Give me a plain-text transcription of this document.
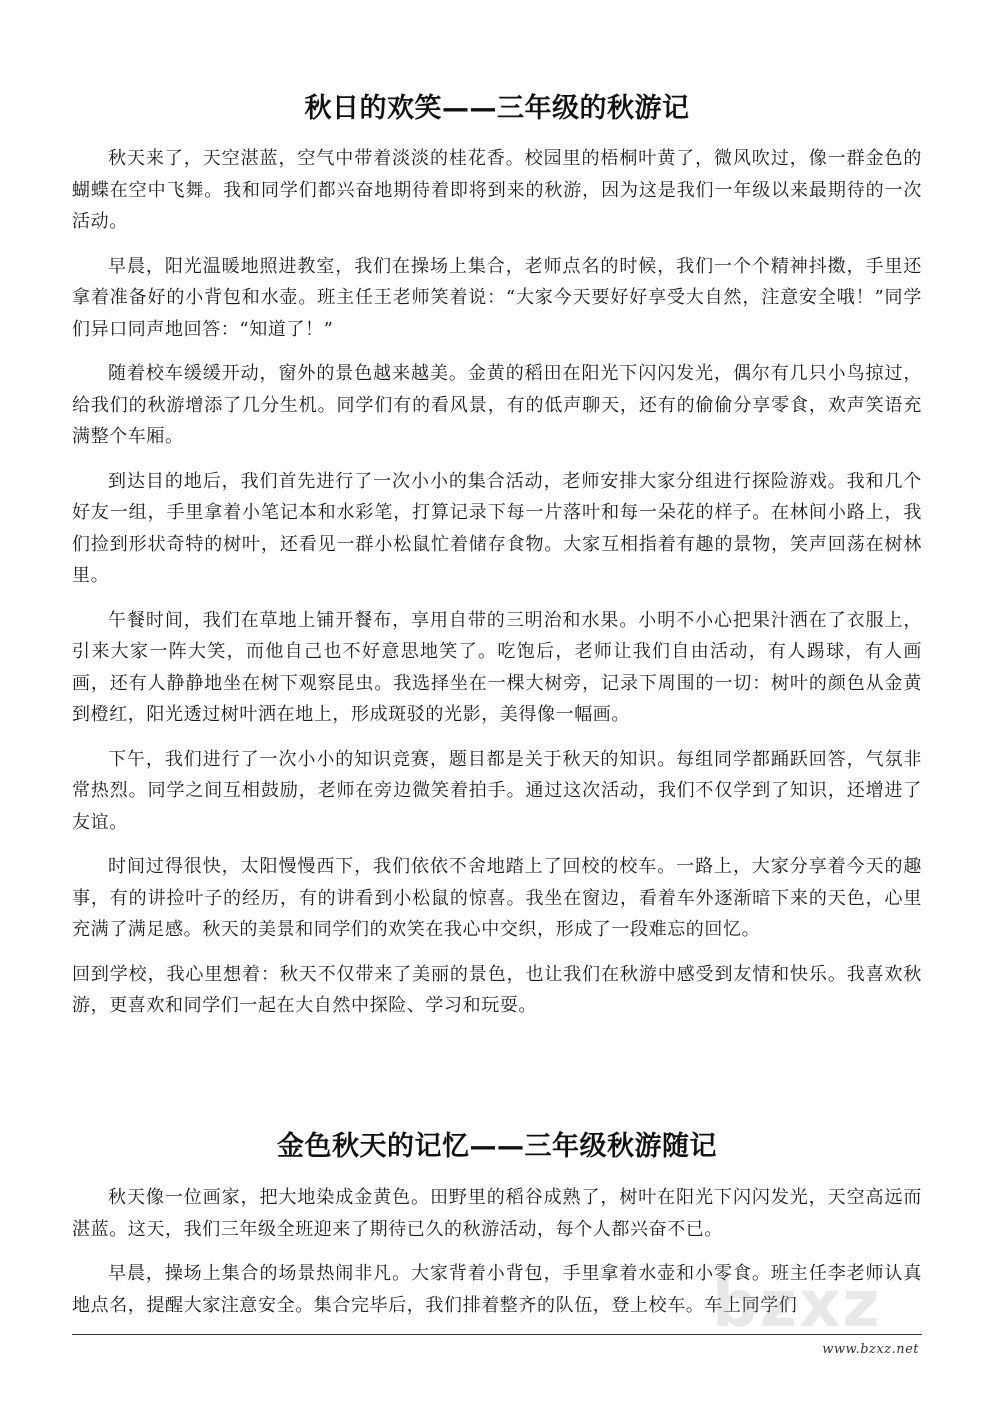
秋日的欢笑——三年级的秋游记

秋天来了，天空湛蓝，空气中带着淡淡的桂花香。校园里的梧桐叶黄了，微风吹过，像一群金色的蝴蝶在空中飞舞。我和同学们都兴奋地期待着即将到来的秋游，因为这是我们一年级以来最期待的一次活动。

早晨，阳光温暖地照进教室，我们在操场上集合，老师点名的时候，我们一个个精神抖擞，手里还拿着准备好的小背包和水壶。班主任王老师笑着说：“大家今天要好好享受大自然，注意安全哦！”同学们异口同声地回答：“知道了！”

随着校车缓缓开动，窗外的景色越来越美。金黄的稻田在阳光下闪闪发光，偶尔有几只小鸟掠过，给我们的秋游增添了几分生机。同学们有的看风景，有的低声聊天，还有的偷偷分享零食，欢声笑语充满整个车厢。

到达目的地后，我们首先进行了一次小小的集合活动，老师安排大家分组进行探险游戏。我和几个好友一组，手里拿着小笔记本和水彩笔，打算记录下每一片落叶和每一朵花的样子。在林间小路上，我们捡到形状奇特的树叶，还看见一群小松鼠忙着储存食物。大家互相指着有趣的景物，笑声回荡在树林里。

午餐时间，我们在草地上铺开餐布，享用自带的三明治和水果。小明不小心把果汁洒在了衣服上，引来大家一阵大笑，而他自己也不好意思地笑了。吃饱后，老师让我们自由活动，有人踢球，有人画画，还有人静静地坐在树下观察昆虫。我选择坐在一棵大树旁，记录下周围的一切：树叶的颜色从金黄到橙红，阳光透过树叶洒在地上，形成斑驳的光影，美得像一幅画。

下午，我们进行了一次小小的知识竞赛，题目都是关于秋天的知识。每组同学都踊跃回答，气氛非常热烈。同学之间互相鼓励，老师在旁边微笑着拍手。通过这次活动，我们不仅学到了知识，还增进了友谊。

时间过得很快，太阳慢慢西下，我们依依不舍地踏上了回校的校车。一路上，大家分享着今天的趣事，有的讲捡叶子的经历，有的讲看到小松鼠的惊喜。我坐在窗边，看着车外逐渐暗下来的天色，心里充满了满足感。秋天的美景和同学们的欢笑在我心中交织，形成了一段难忘的回忆。

回到学校，我心里想着：秋天不仅带来了美丽的景色，也让我们在秋游中感受到友情和快乐。我喜欢秋游，更喜欢和同学们一起在大自然中探险、学习和玩耍。

金色秋天的记忆——三年级秋游随记

秋天像一位画家，把大地染成金黄色。田野里的稻谷成熟了，树叶在阳光下闪闪发光，天空高远而湛蓝。这天，我们三年级全班迎来了期待已久的秋游活动，每个人都兴奋不已。

早晨，操场上集合的场景热闹非凡。大家背着小背包，手里拿着水壶和小零食。班主任李老师认真地点名，提醒大家注意安全。集合完毕后，我们排着整齐的队伍，登上校车。车上同学们

bzxz
www.bzxz.net
